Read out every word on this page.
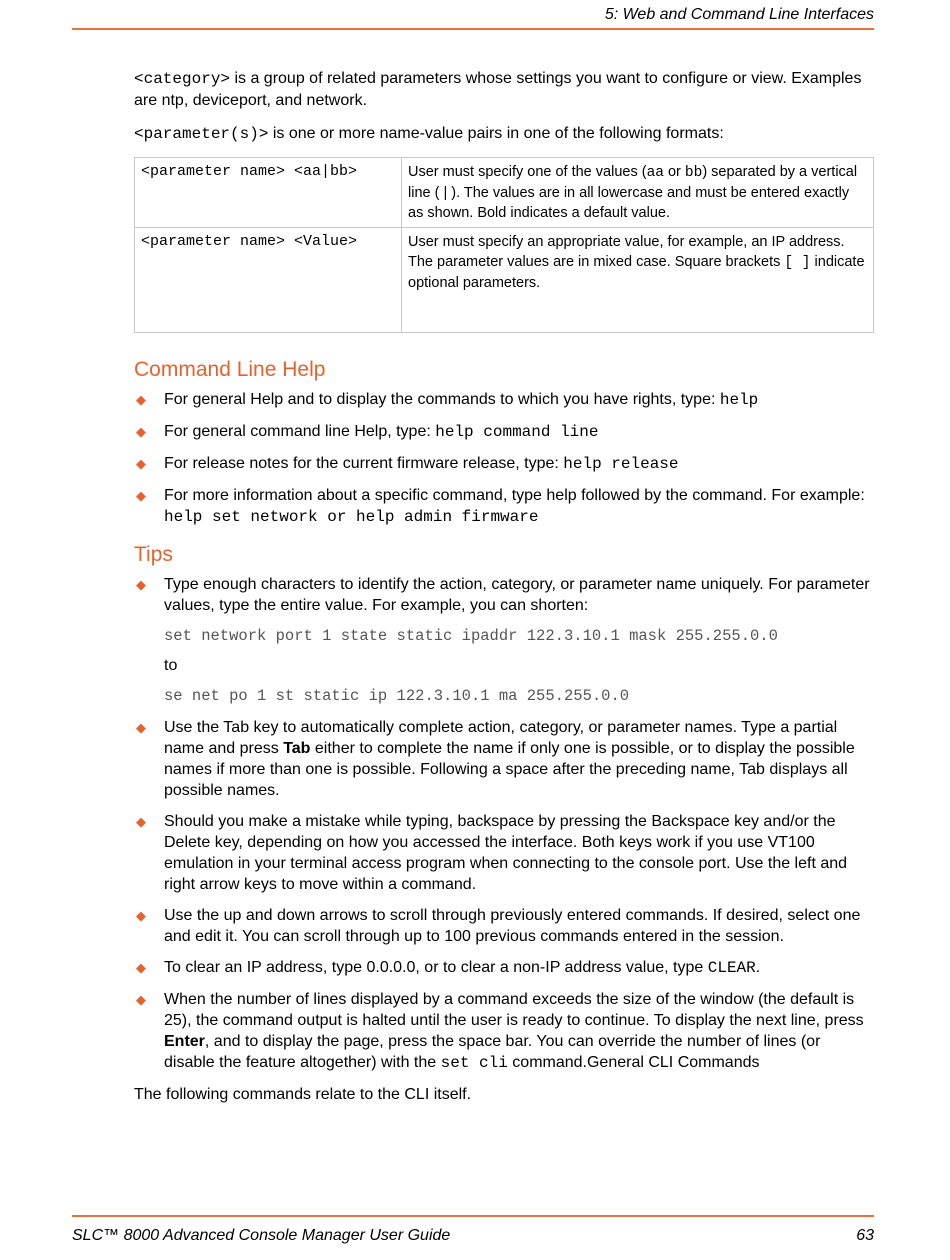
5: Web and Command Line Interfaces

<category> is a group of related parameters whose settings you want to configure or view. Examples are ntp, deviceport, and network.

<parameter(s)> is one or more name-value pairs in one of the following formats:

<parameter name> <aa|bb>	User must specify one of the values (aa or bb) separated by a vertical line ( | ). The values are in all lowercase and must be entered exactly as shown. Bold indicates a default value.
<parameter name> <Value>	User must specify an appropriate value, for example, an IP address. The parameter values are in mixed case. Square brackets [ ] indicate optional parameters.
Command Line Help
◆ For general Help and to display the commands to which you have rights, type: help
◆ For general command line Help, type: help command line
◆ For release notes for the current firmware release, type: help release
◆ For more information about a specific command, type help followed by the command. For example: help set network or help admin firmware
Tips
◆ Type enough characters to identify the action, category, or parameter name uniquely. For parameter values, type the entire value. For example, you can shorten:
set network port 1 state static ipaddr 122.3.10.1 mask 255.255.0.0
to
se net po 1 st static ip 122.3.10.1 ma 255.255.0.0
◆ Use the Tab key to automatically complete action, category, or parameter names. Type a partial name and press Tab either to complete the name if only one is possible, or to display the possible names if more than one is possible. Following a space after the preceding name, Tab displays all possible names.
◆ Should you make a mistake while typing, backspace by pressing the Backspace key and/or the Delete key, depending on how you accessed the interface. Both keys work if you use VT100 emulation in your terminal access program when connecting to the console port. Use the left and right arrow keys to move within a command.
◆ Use the up and down arrows to scroll through previously entered commands. If desired, select one and edit it. You can scroll through up to 100 previous commands entered in the session.
◆ To clear an IP address, type 0.0.0.0, or to clear a non-IP address value, type CLEAR.
◆ When the number of lines displayed by a command exceeds the size of the window (the default is 25), the command output is halted until the user is ready to continue. To display the next line, press Enter, and to display the page, press the space bar. You can override the number of lines (or disable the feature altogether) with the set cli command.General CLI Commands

The following commands relate to the CLI itself.

SLC™ 8000 Advanced Console Manager User Guide	63
